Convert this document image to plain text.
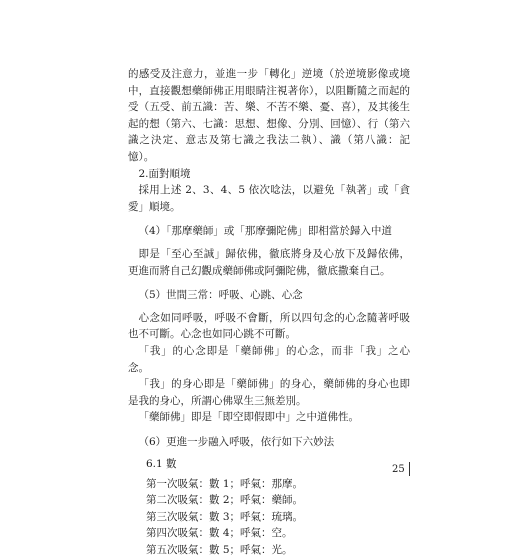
的感受及注意力，並進一步「轉化」逆境（於逆境影像或境中，直接觀想藥師佛正用眼睛注視著你），以阻斷隨之而起的受（五受、前五識：苦、樂、不苦不樂、憂、喜），及其後生起的想（第六、七識：思想、想像、分別、回憶）、行（第六識之決定、意志及第七識之我法二執）、識（第八識：記憶）。

2.面對順境

採用上述 2、3、4、5 依次唸法，以避免「執著」或「貪愛」順境。

（4）「那摩藥師」或「那摩彌陀佛」即相當於歸入中道

即是「至心至誠」歸依佛，徹底將身及心放下及歸依佛，更進而將自己幻觀成藥師佛或阿彌陀佛，徹底撒棄自己。

（5）世間三常：呼吸、心跳、心念

心念如同呼吸，呼吸不會斷，所以四句念的心念隨著呼吸也不可斷。心念也如同心跳不可斷。

「我」的心念即是「藥師佛」的心念，而非「我」之心念。

「我」的身心即是「藥師佛」的身心，藥師佛的身心也即是我的身心，所謂心佛眾生三無差別。

「藥師佛」即是「即空即假即中」之中道佛性。

（6）更進一步融入呼吸，依行如下六妙法

6.1 數

第一次吸氣：數 1；呼氣：那摩。
第二次吸氣：數 2；呼氣：藥師。
第三次吸氣：數 3；呼氣：琉璃。
第四次吸氣：數 4；呼氣：空。
第五次吸氣：數 5；呼氣：光。
25
